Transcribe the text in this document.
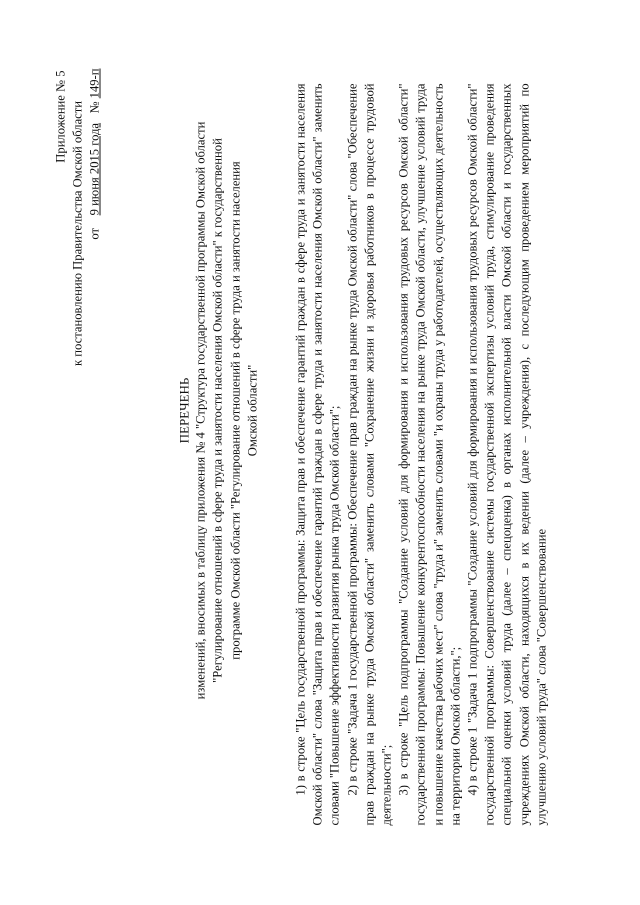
Приложение № 5 к постановлению Правительства Омской области от    9 июня 2015 года   № 149-п
ПЕРЕЧЕНЬ изменений, вносимых в таблицу приложения № 4 "Структура государственной программы Омской области "Регулирование отношений в сфере труда и занятости населения Омской области" к государственной программе Омской области "Регулирование отношений в сфере труда и занятости населения Омской области"	1) в строке "Цель государственной программы: Защита прав и обеспечение гарантий граждан в сфере труда и занятости населения Омской области" слова "Защита прав и обеспечение гарантий граждан в сфере труда и занятости населения Омской области" заменить словами "Повышение эффективности развития рынка труда Омской области"; 2) в строке "Задача 1 государственной программы: Обеспечение прав граждан на рынке труда Омской области" слова "Обеспечение прав граждан на рынке труда Омской области" заменить словами "Сохранение жизни и здоровья работников в процессе трудовой деятельности"; 3) в строке "Цель подпрограммы "Создание условий для формирования и использования трудовых ресурсов Омской области" государственной программы: Повышение конкурентоспособности населения на рынке труда Омской области, улучшение условий труда и повышение качества рабочих мест" слова "труда и" заменить словами "и охраны труда у работодателей, осуществляющих деятельность на территории Омской области,"; 4) в строке 1 "Задача 1 подпрограммы "Создание условий для формирования и использования трудовых ресурсов Омской области" государственной программы: Совершенствование системы государственной экспертизы условий труда, стимулирование проведения специальной оценки условий труда (далее – спецоценка) в органах исполнительной власти Омской области и государственных учреждениях Омской области, находящихся в их ведении (далее – учреждения), с последующим проведением мероприятий по улучшению условий труда" слова "Совершенствование
